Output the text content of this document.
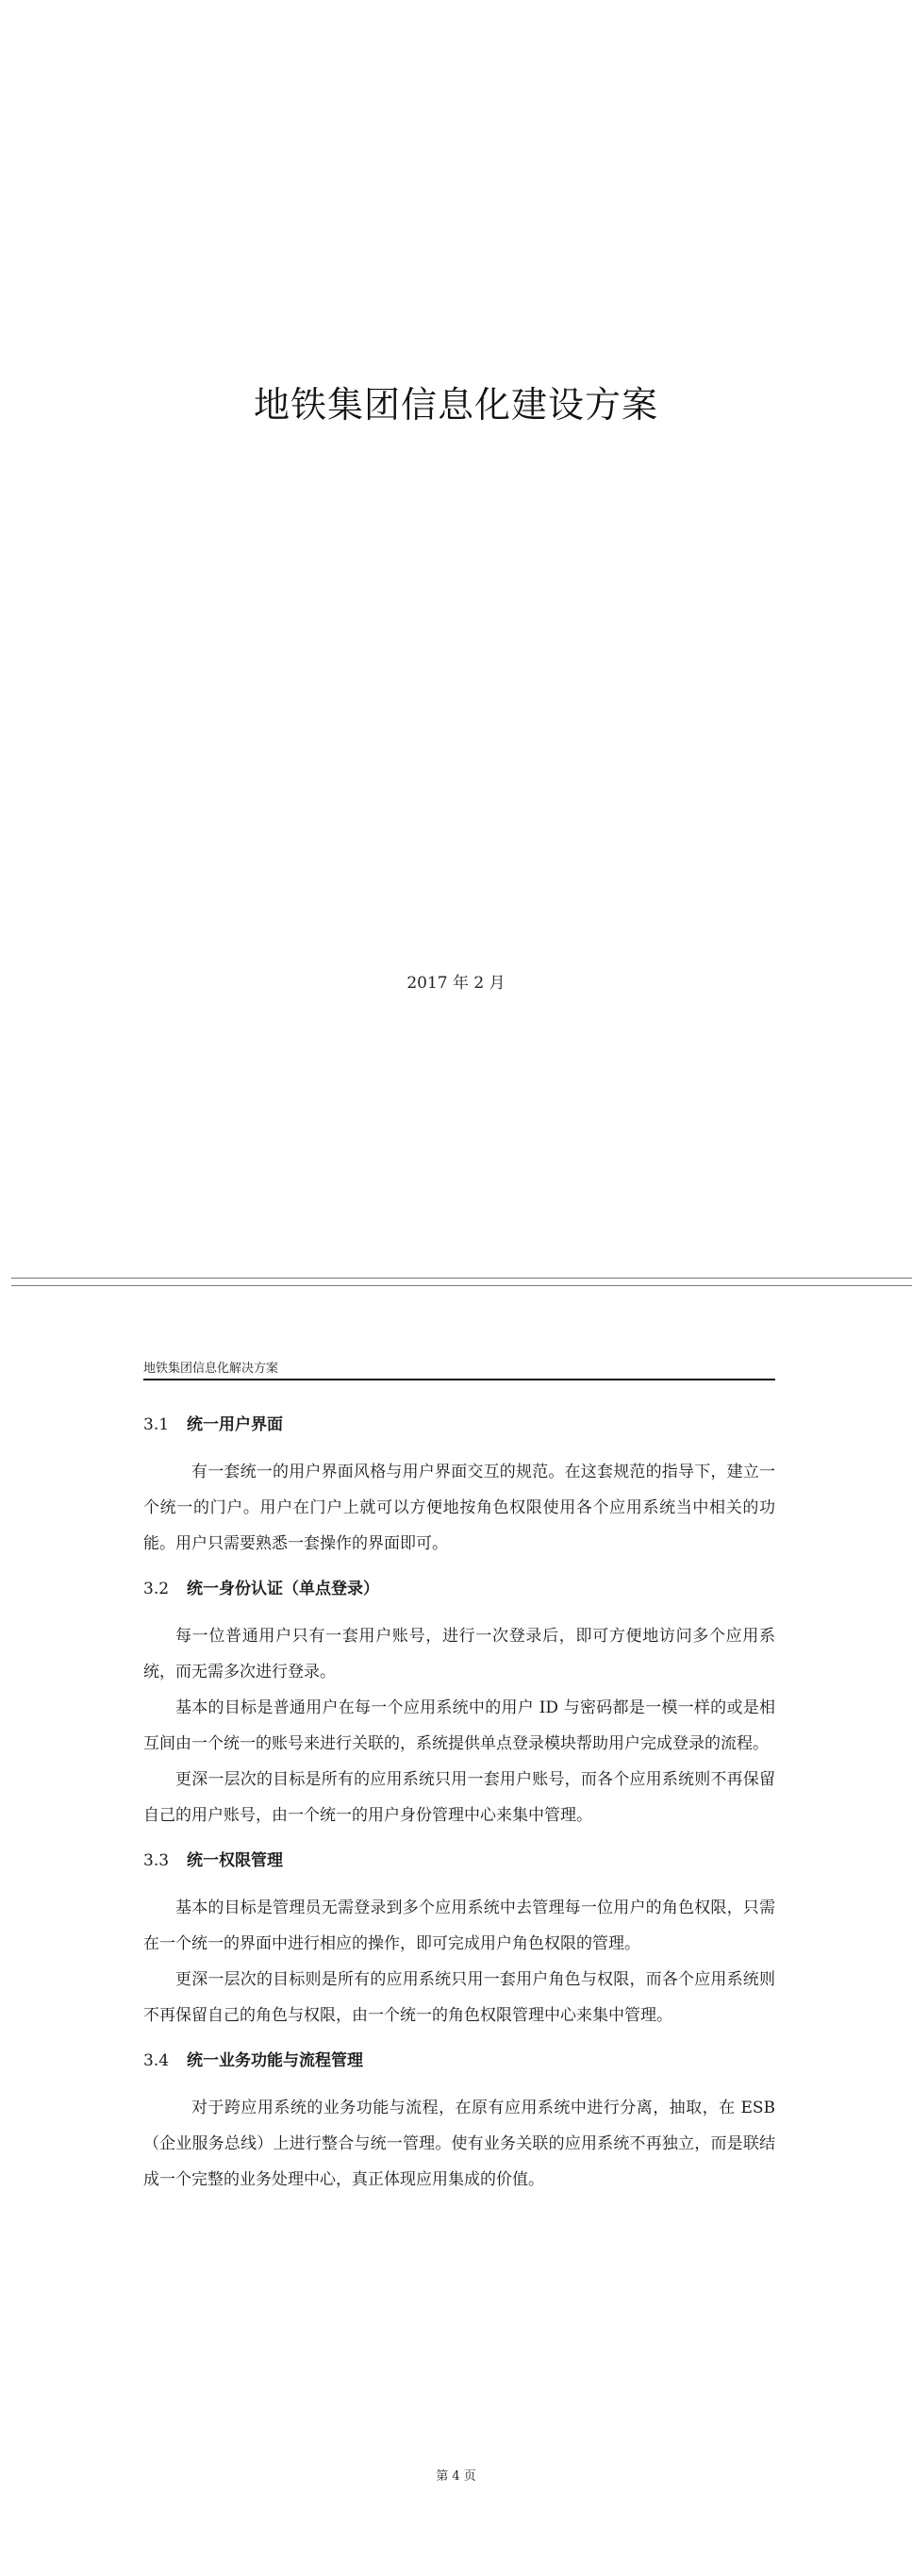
地铁集团信息化建设方案
2017 年 2 月
地铁集团信息化解决方案
3.1 统一用户界面

有一套统一的用户界面风格与用户界面交互的规范。在这套规范的指导下，建立一个统一的门户。用户在门户上就可以方便地按角色权限使用各个应用系统当中相关的功能。用户只需要熟悉一套操作的界面即可。

3.2 统一身份认证（单点登录）

每一位普通用户只有一套用户账号，进行一次登录后，即可方便地访问多个应用系统，而无需多次进行登录。

基本的目标是普通用户在每一个应用系统中的用户 ID 与密码都是一模一样的或是相互间由一个统一的账号来进行关联的，系统提供单点登录模块帮助用户完成登录的流程。

更深一层次的目标是所有的应用系统只用一套用户账号，而各个应用系统则不再保留自己的用户账号，由一个统一的用户身份管理中心来集中管理。

3.3 统一权限管理

基本的目标是管理员无需登录到多个应用系统中去管理每一位用户的角色权限，只需在一个统一的界面中进行相应的操作，即可完成用户角色权限的管理。

更深一层次的目标则是所有的应用系统只用一套用户角色与权限，而各个应用系统则不再保留自己的角色与权限，由一个统一的角色权限管理中心来集中管理。

3.4 统一业务功能与流程管理

对于跨应用系统的业务功能与流程，在原有应用系统中进行分离，抽取，在 ESB（企业服务总线）上进行整合与统一管理。使有业务关联的应用系统不再独立，而是联结成一个完整的业务处理中心，真正体现应用集成的价值。

第 4 页
